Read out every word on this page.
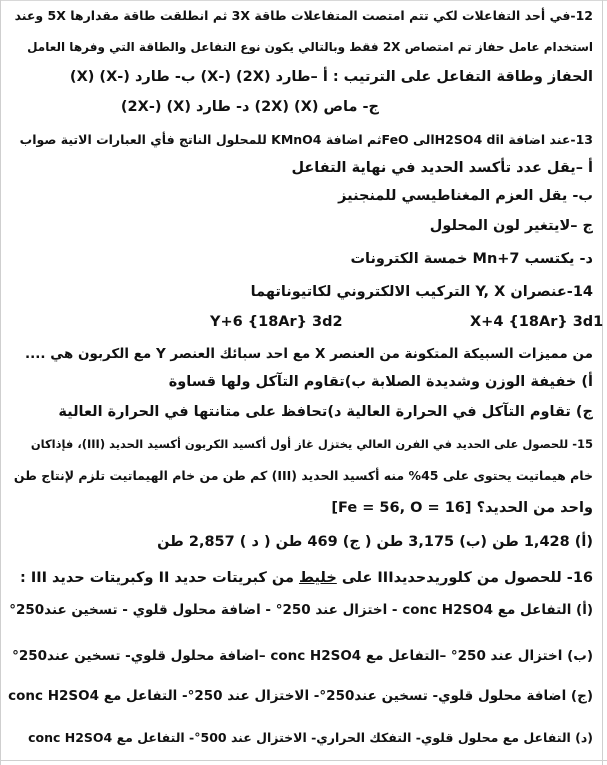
12-في أحد التفاعلات لكي تتم امتصت المتفاعلات طاقة 3X ثم انطلقت طاقة مقدارها 5X وعند
استخدام عامل حفاز تم امتصاص 2X فقط وبالتالي يكون نوع التفاعل والطاقة التي وفرها العامل
الحفاز وطاقة التفاعل على الترتيب : أ –طارد (2X) (-X) ب- طارد (-X) (X)
ج- ماص (X) (2X) د- طارد (X) (-2X)
13-عند اضافة H2SO4 dilالى FeOثم اضافة KMnO4 للمحلول الناتج فأي العبارات الاتية صواب
أ –يقل عدد تأكسد الحديد في نهاية التفاعل
ب- يقل العزم المغناطيسي للمنجنيز
ج –لايتغير لون المحلول
د- يكتسب Mn+7 خمسة الكترونات
14-عنصران Y, X التركيب الالكتروني لكاتيوناتهما
X+4 {18Ar} 3d1
Y+6 {18Ar} 3d2
من مميزات السبيكة المتكونة من العنصر X مع احد سبائك العنصر Y مع الكربون هي ....
أ) خفيفة الوزن وشديدة الصلابة ب)تقاوم التآكل ولها قساوة
ج) تقاوم التآكل في الحرارة العالية د)تحافظ على متانتها في الحرارة العالية
15- للحصول على الحديد في الفرن العالي يختزل غاز أول أكسيد الكربون أكسيد الحديد (III)، فإذاكان
خام هيماتيت يحتوى على 45% منه أكسيد الحديد (III) كم طن من خام الهيماتيت تلزم لإنتاج طن
واحد من الحديد؟ [Fe = 56, O = 16]
(أ) 1,428 طن (ب) 3,175 طن ( ج) 469 طن ( د ) 2,857 طن
16- للحصول من كلوريدحديدIII على خليط من كبريتات حديد II وكبريتات حديد III :
(أ) التفاعل مع conc H2SO4 - اختزال عند 250° - اضافة محلول قلوي - تسخين عند250°
(ب) اختزال عند 250° –التفاعل مع conc H2SO4 –اضافة محلول قلوي- تسخين عند250°
(ج) اضافة محلول قلوي- تسخين عند250°- الاختزال عند 250°- التفاعل مع conc H2SO4
(د) التفاعل مع محلول قلوي- التفكك الحراري- الاختزال عند 500°- التفاعل مع conc H2SO4
